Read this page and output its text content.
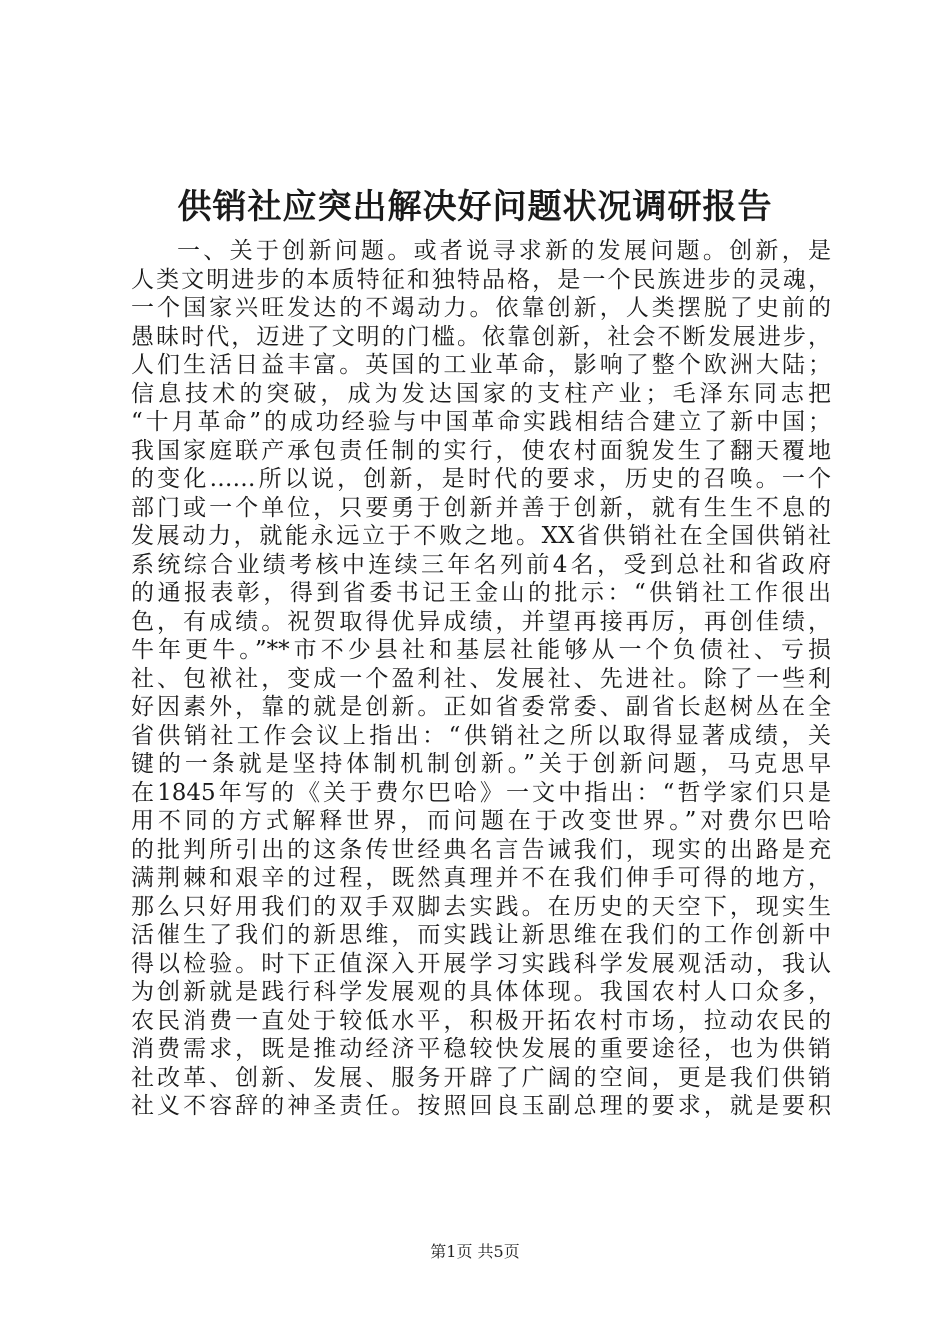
供销社应突出解决好问题状况调研报告
一、关于创新问题。或者说寻求新的发展问题。创新，是
人类文明进步的本质特征和独特品格，是一个民族进步的灵魂，
一个国家兴旺发达的不竭动力。依靠创新，人类摆脱了史前的
愚昧时代，迈进了文明的门槛。依靠创新，社会不断发展进步，
人们生活日益丰富。英国的工业革命，影响了整个欧洲大陆；
信息技术的突破，成为发达国家的支柱产业；毛泽东同志把
“十月革命”的成功经验与中国革命实践相结合建立了新中国；
我国家庭联产承包责任制的实行，使农村面貌发生了翻天覆地
的变化……所以说，创新，是时代的要求，历史的召唤。一个
部门或一个单位，只要勇于创新并善于创新，就有生生不息的
发展动力，就能永远立于不败之地。XX省供销社在全国供销社
系统综合业绩考核中连续三年名列前4名，受到总社和省政府
的通报表彰，得到省委书记王金山的批示：“供销社工作很出
色，有成绩。祝贺取得优异成绩，并望再接再厉，再创佳绩，
牛年更牛。”**市不少县社和基层社能够从一个负债社、亏损
社、包袱社，变成一个盈利社、发展社、先进社。除了一些利
好因素外，靠的就是创新。正如省委常委、副省长赵树丛在全
省供销社工作会议上指出：“供销社之所以取得显著成绩，关
键的一条就是坚持体制机制创新。”关于创新问题，马克思早
在1845年写的《关于费尔巴哈》一文中指出：“哲学家们只是
用不同的方式解释世界，而问题在于改变世界。”对费尔巴哈
的批判所引出的这条传世经典名言告诫我们，现实的出路是充
满荆棘和艰辛的过程，既然真理并不在我们伸手可得的地方，
那么只好用我们的双手双脚去实践。在历史的天空下，现实生
活催生了我们的新思维，而实践让新思维在我们的工作创新中
得以检验。时下正值深入开展学习实践科学发展观活动，我认
为创新就是践行科学发展观的具体体现。我国农村人口众多，
农民消费一直处于较低水平，积极开拓农村市场，拉动农民的
消费需求，既是推动经济平稳较快发展的重要途径，也为供销
社改革、创新、发展、服务开辟了广阔的空间，更是我们供销
社义不容辞的神圣责任。按照回良玉副总理的要求，就是要积
第1页 共5页
